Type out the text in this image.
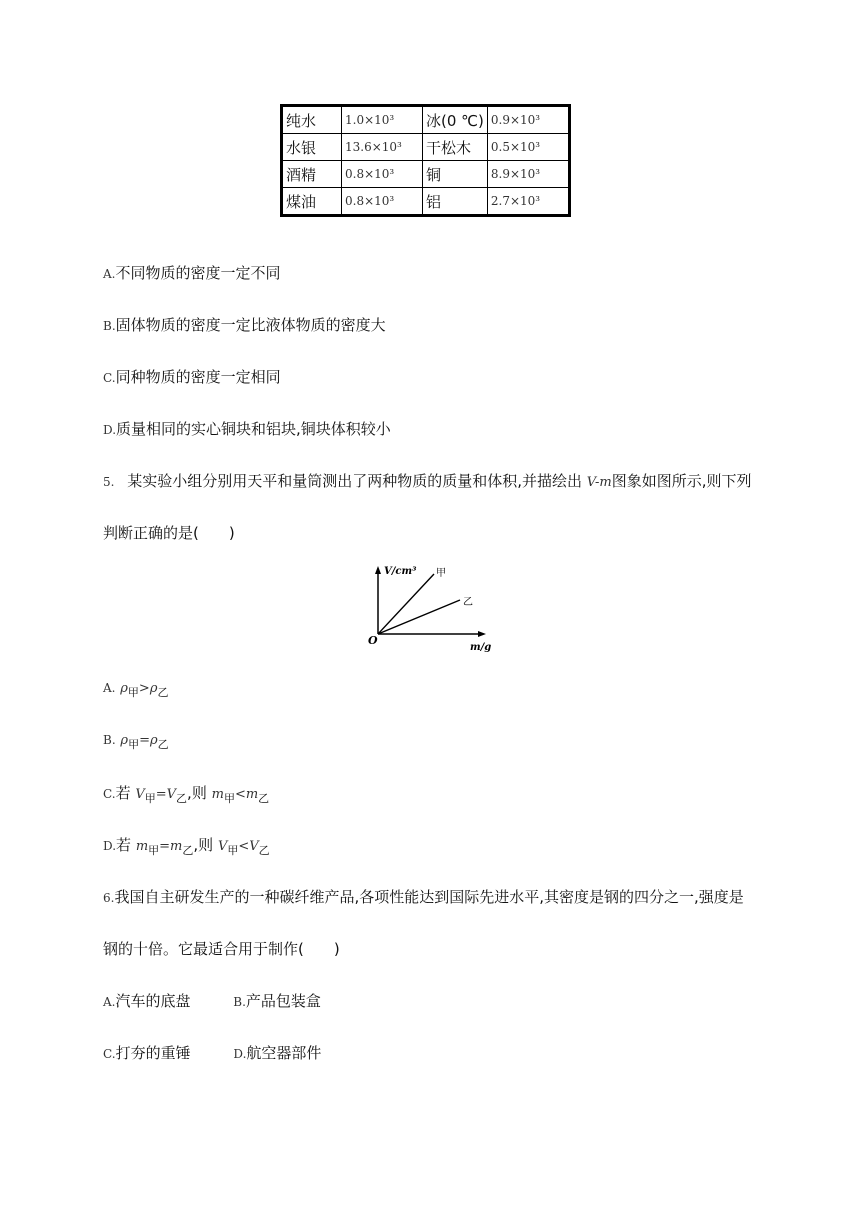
纯水	1.0×10³	冰(0 ℃)	0.9×10³
水银	13.6×10³	干松木	0.5×10³
酒精	0.8×10³	铜	8.9×10³
煤油	0.8×10³	铝	2.7×10³
A.不同物质的密度一定不同
B.固体物质的密度一定比液体物质的密度大
C.同种物质的密度一定相同
D.质量相同的实心铜块和铝块,铜块体积较小
5. 某实验小组分别用天平和量筒测出了两种物质的质量和体积,并描绘出 V-m图象如图所示,则下列
判断正确的是(　　)
V/cm³
m/g
O
甲
乙
A. $\rho_甲>\rho_乙$
B. $\rho_甲=\rho_乙$
C.若 $V_甲=V_乙$,则 $m_甲<m_乙$
D.若 $m_甲=m_乙$,则 $V_甲<V_乙$
6.我国自主研发生产的一种碳纤维产品,各项性能达到国际先进水平,其密度是钢的四分之一,强度是
钢的十倍。它最适合用于制作(　　)
A.汽车的底盘	B.产品包装盒
C.打夯的重锤	D.航空器部件
